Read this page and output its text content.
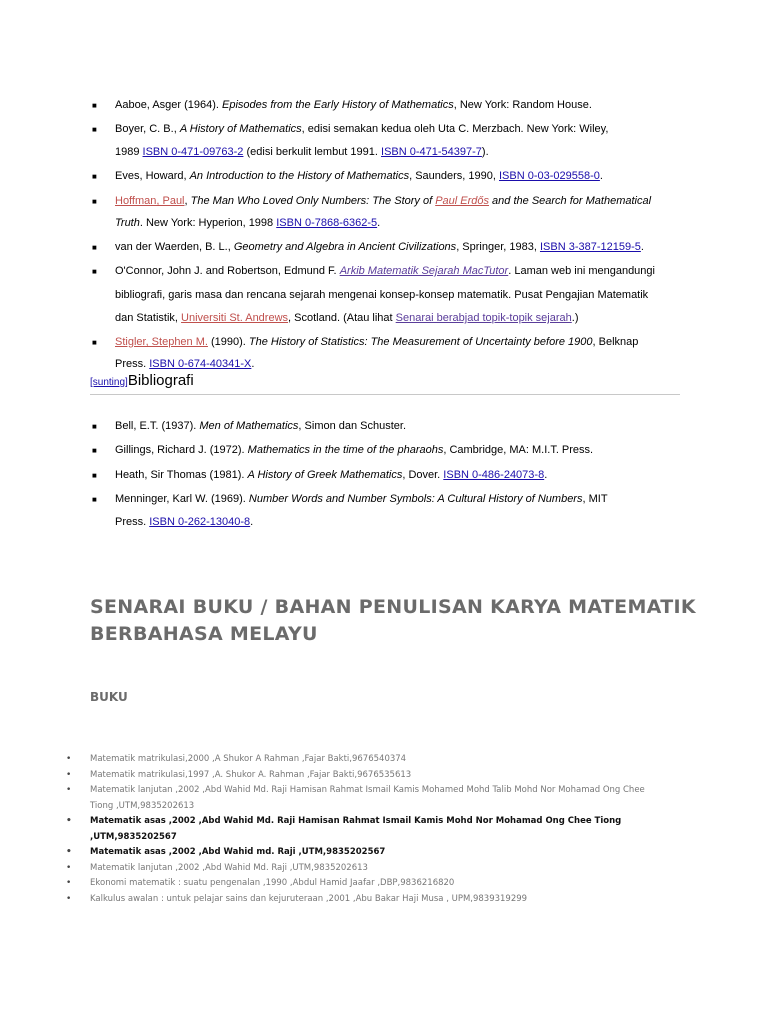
■ Aaboe, Asger (1964). Episodes from the Early History of Mathematics, New York: Random House.
■ Boyer, C. B., A History of Mathematics, edisi semakan kedua oleh Uta C. Merzbach. New York: Wiley,
1989 ISBN 0-471-09763-2 (edisi berkulit lembut 1991. ISBN 0-471-54397-7).
■ Eves, Howard, An Introduction to the History of Mathematics, Saunders, 1990, ISBN 0-03-029558-0.
■ Hoffman, Paul, The Man Who Loved Only Numbers: The Story of Paul Erdős and the Search for Mathematical
Truth. New York: Hyperion, 1998 ISBN 0-7868-6362-5.
■ van der Waerden, B. L., Geometry and Algebra in Ancient Civilizations, Springer, 1983, ISBN 3-387-12159-5.
■ O'Connor, John J. and Robertson, Edmund F. Arkib Matematik Sejarah MacTutor. Laman web ini mengandungi
bibliografi, garis masa dan rencana sejarah mengenai konsep-konsep matematik. Pusat Pengajian Matematik
dan Statistik, Universiti St. Andrews, Scotland. (Atau lihat Senarai berabjad topik-topik sejarah.)
■ Stigler, Stephen M. (1990). The History of Statistics: The Measurement of Uncertainty before 1900, Belknap
Press. ISBN 0-674-40341-X.
[sunting]Bibliografi
■ Bell, E.T. (1937). Men of Mathematics, Simon dan Schuster.
■ Gillings, Richard J. (1972). Mathematics in the time of the pharaohs, Cambridge, MA: M.I.T. Press.
■ Heath, Sir Thomas (1981). A History of Greek Mathematics, Dover. ISBN 0-486-24073-8.
■ Menninger, Karl W. (1969). Number Words and Number Symbols: A Cultural History of Numbers, MIT
Press. ISBN 0-262-13040-8.
SENARAI BUKU / BAHAN PENULISAN KARYA MATEMATIK BERBAHASA MELAYU
BUKU
• Matematik matrikulasi,2000 ,A Shukor A Rahman ,Fajar Bakti,9676540374
• Matematik matrikulasi,1997 ,A. Shukor A. Rahman ,Fajar Bakti,9676535613
• Matematik lanjutan ,2002 ,Abd Wahid Md. Raji Hamisan Rahmat Ismail Kamis Mohamed Mohd Talib Mohd Nor Mohamad Ong Chee Tiong ,UTM,9835202613
• Matematik asas ,2002 ,Abd Wahid Md. Raji Hamisan Rahmat Ismail Kamis Mohd Nor Mohamad Ong Chee Tiong ,UTM,9835202567
• Matematik asas ,2002 ,Abd Wahid md. Raji ,UTM,9835202567
• Matematik lanjutan ,2002 ,Abd Wahid Md. Raji ,UTM,9835202613
• Ekonomi matematik : suatu pengenalan ,1990 ,Abdul Hamid Jaafar ,DBP,9836216820
• Kalkulus awalan : untuk pelajar sains dan kejuruteraan ,2001 ,Abu Bakar Haji Musa , UPM,9839319299
